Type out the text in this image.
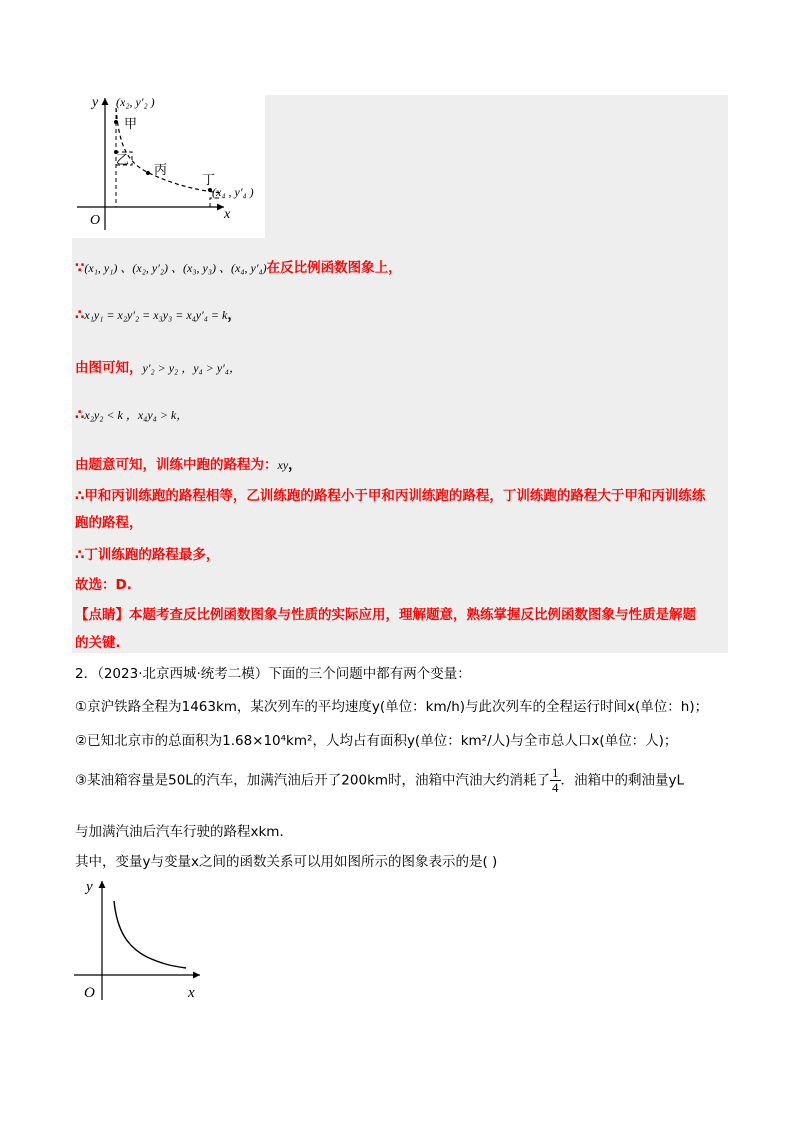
y
x
O
(x₂, y′₂ )
甲
乙
丙
丁
(x₄ , y′₄ )
∵(x₁, y₁) 、(x₂, y′₂) 、(x₃, y₃) 、(x₄, y′₄)在反比例函数图象上，
∴x₁y₁ = x₂y′₂ = x₃y₃ = x₄y′₄ = k，
由图可知，y′₂ > y₂ ，y₄ > y′₄，
∴x₂y₂ < k ，x₄y₄ > k，
由题意可知，训练中跑的路程为：xy，
∴甲和丙训练跑的路程相等，乙训练跑的路程小于甲和丙训练跑的路程，丁训练跑的路程大于甲和丙训练练
跑的路程，
∴丁训练跑的路程最多，
故选：D.
【点睛】本题考查反比例函数图象与性质的实际应用，理解题意，熟练掌握反比例函数图象与性质是解题
的关键.
2．（2023·北京西城·统考二模）下面的三个问题中都有两个变量：
①京沪铁路全程为1463km，某次列车的平均速度y(单位：km/h)与此次列车的全程运行时间x(单位：h)；
②已知北京市的总面积为1.68×10⁴km²，人均占有面积y(单位：km²/人)与全市总人口x(单位：人)；
③某油箱容量是50L的汽车，加满汽油后开了200km时，油箱中汽油大约消耗了 $\frac{1}{4}$ ．油箱中的剩油量yL
与加满汽油后汽车行驶的路程xkm．
其中，变量y与变量x之间的函数关系可以用如图所示的图象表示的是( )
y
x
O
